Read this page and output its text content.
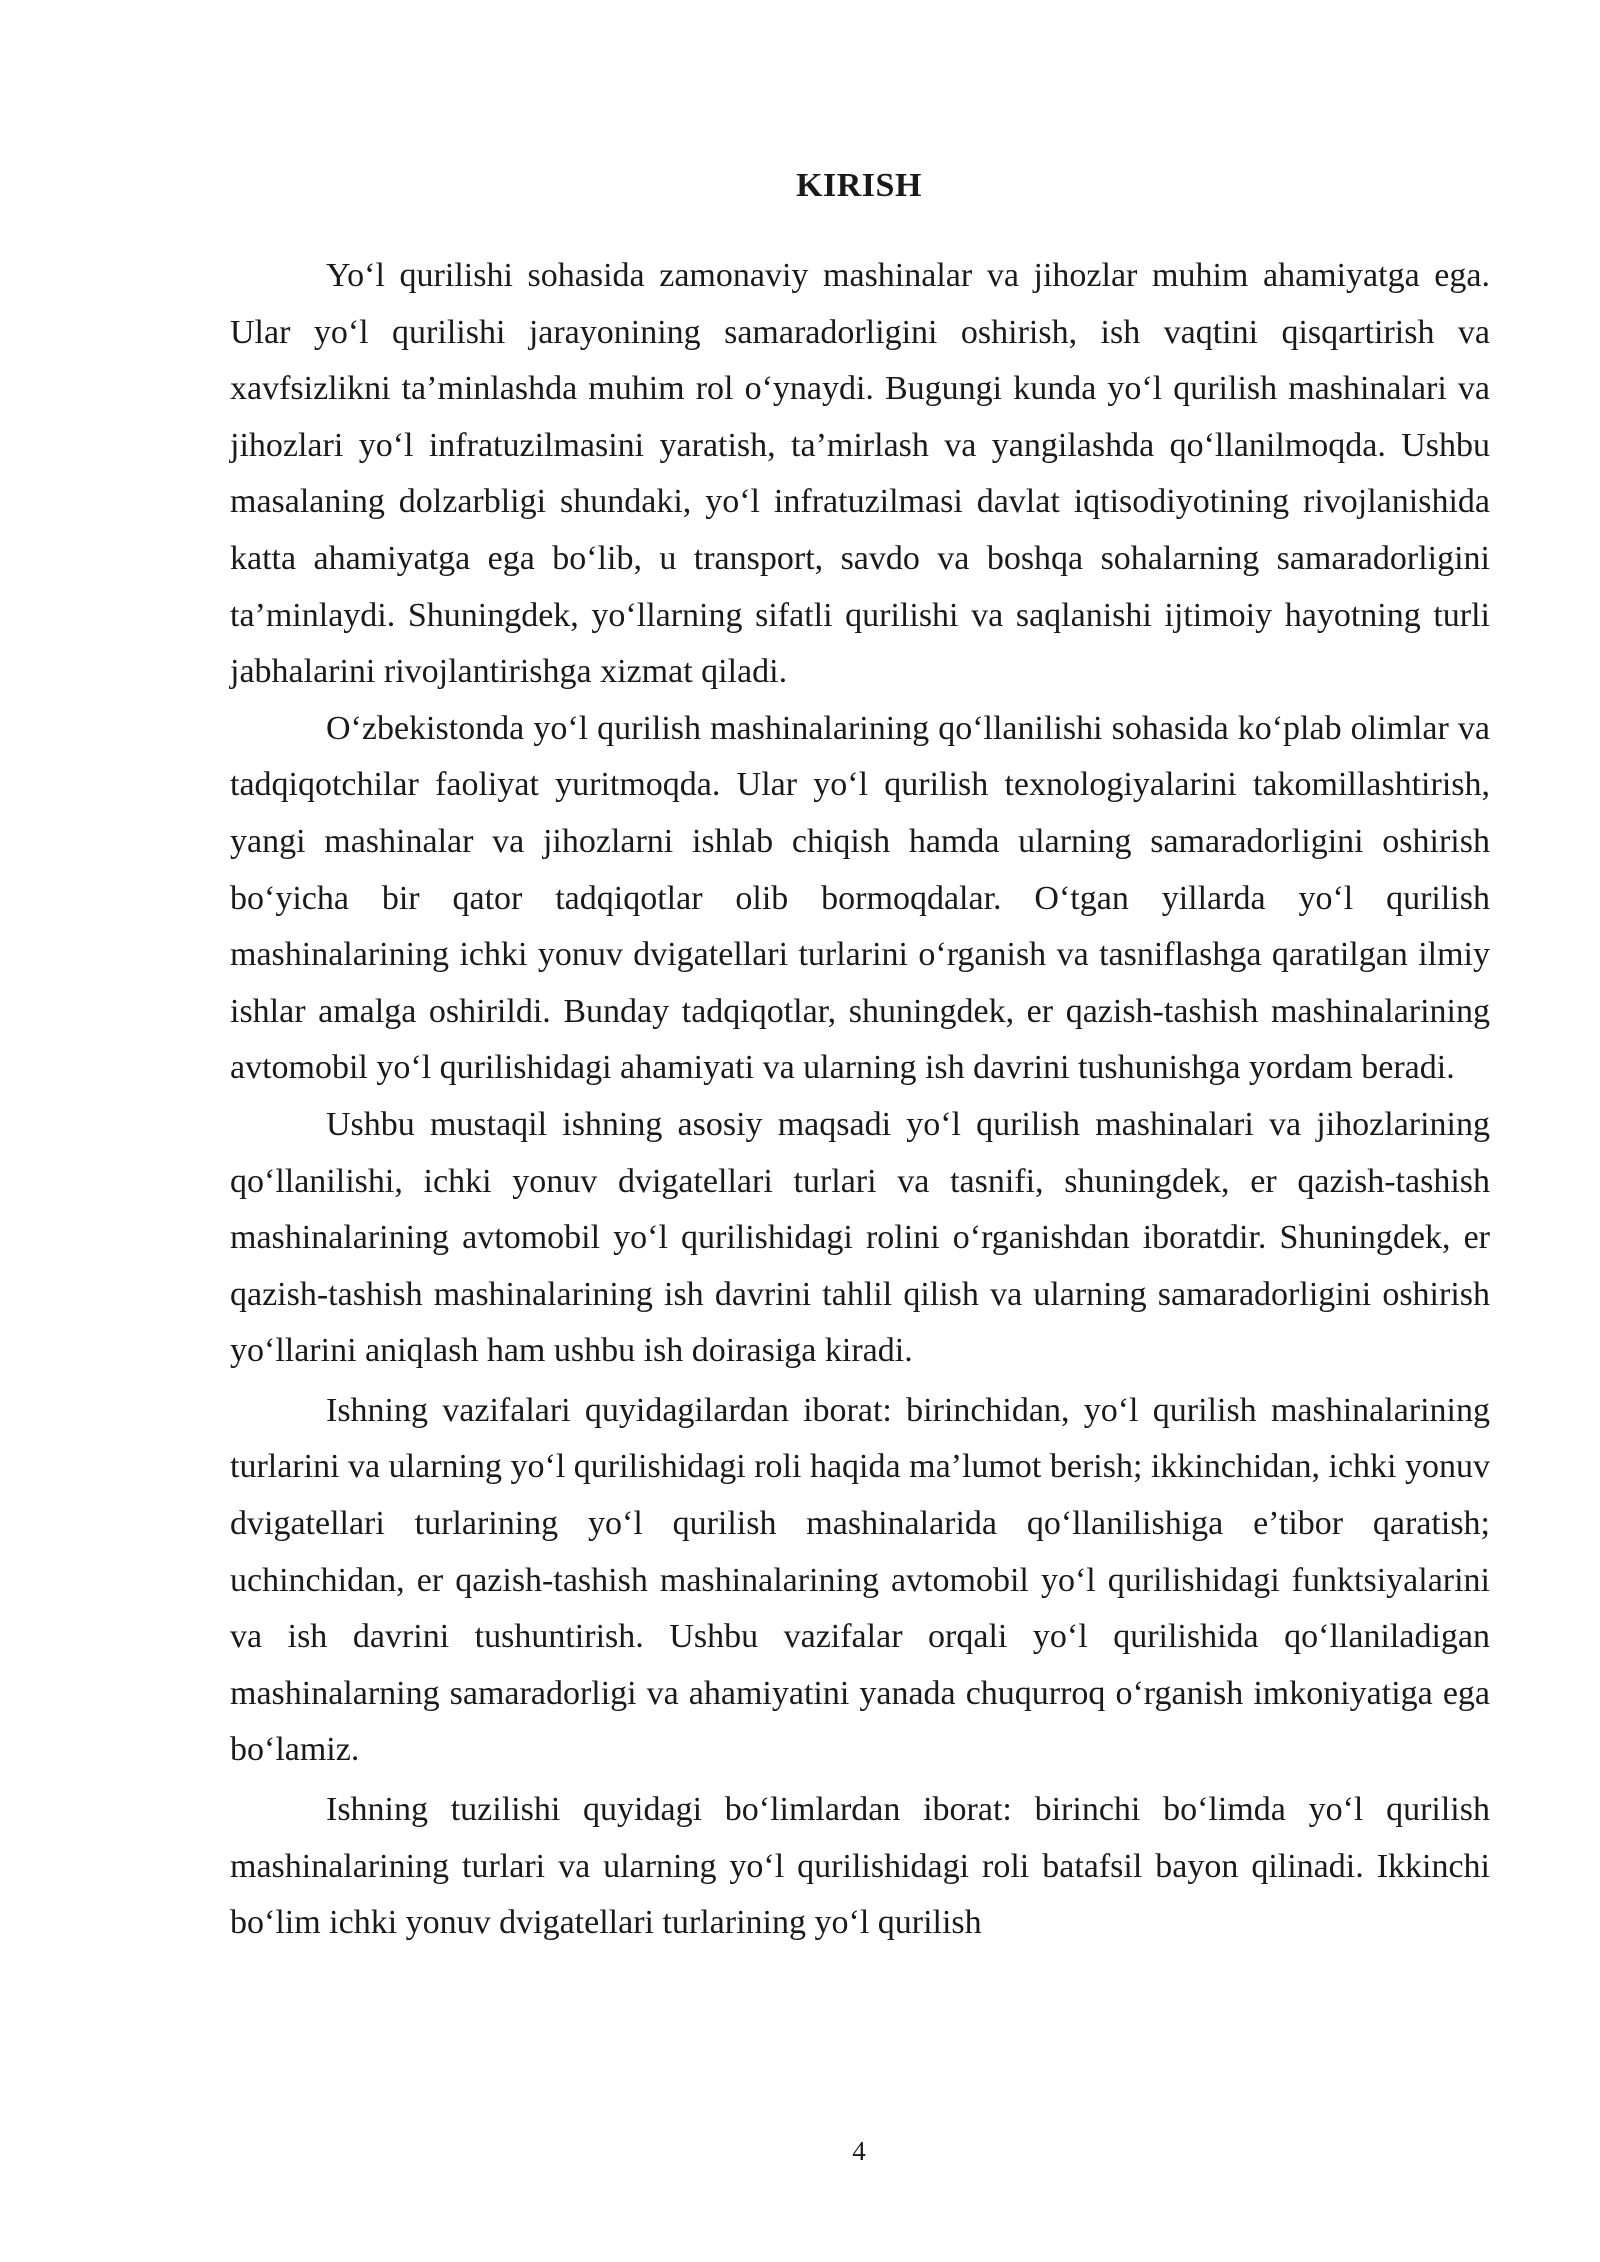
KIRISH

Yo‘l qurilishi sohasida zamonaviy mashinalar va jihozlar muhim ahamiyatga ega. Ular yo‘l qurilishi jarayonining samaradorligini oshirish, ish vaqtini qisqartirish va xavfsizlikni ta’minlashda muhim rol o‘ynaydi. Bugungi kunda yo‘l qurilish mashinalari va jihozlari yo‘l infratuzilmasini yaratish, ta’mirlash va yangilashda qo‘llanilmoqda. Ushbu masalaning dolzarbligi shundaki, yo‘l infratuzilmasi davlat iqtisodiyotining rivojlanishida katta ahamiyatga ega bo‘lib, u transport, savdo va boshqa sohalarning samaradorligini ta’minlaydi. Shuningdek, yo‘llarning sifatli qurilishi va saqlanishi ijtimoiy hayotning turli jabhalarini rivojlantirishga xizmat qiladi.

O‘zbekistonda yo‘l qurilish mashinalarining qo‘llanilishi sohasida ko‘plab olimlar va tadqiqotchilar faoliyat yuritmoqda. Ular yo‘l qurilish texnologiyalarini takomillashtirish, yangi mashinalar va jihozlarni ishlab chiqish hamda ularning samaradorligini oshirish bo‘yicha bir qator tadqiqotlar olib bormoqdalar. O‘tgan yillarda yo‘l qurilish mashinalarining ichki yonuv dvigatellari turlarini o‘rganish va tasniflashga qaratilgan ilmiy ishlar amalga oshirildi. Bunday tadqiqotlar, shuningdek, er qazish-tashish mashinalarining avtomobil yo‘l qurilishidagi ahamiyati va ularning ish davrini tushunishga yordam beradi.

Ushbu mustaqil ishning asosiy maqsadi yo‘l qurilish mashinalari va jihozlarining qo‘llanilishi, ichki yonuv dvigatellari turlari va tasnifi, shuningdek, er qazish-tashish mashinalarining avtomobil yo‘l qurilishidagi rolini o‘rganishdan iboratdir. Shuningdek, er qazish-tashish mashinalarining ish davrini tahlil qilish va ularning samaradorligini oshirish yo‘llarini aniqlash ham ushbu ish doirasiga kiradi.

Ishning vazifalari quyidagilardan iborat: birinchidan, yo‘l qurilish mashinalarining turlarini va ularning yo‘l qurilishidagi roli haqida ma’lumot berish; ikkinchidan, ichki yonuv dvigatellari turlarining yo‘l qurilish mashinalarida qo‘llanilishiga e’tibor qaratish; uchinchidan, er qazish-tashish mashinalarining avtomobil yo‘l qurilishidagi funktsiyalarini va ish davrini tushuntirish. Ushbu vazifalar orqali yo‘l qurilishida qo‘llaniladigan mashinalarning samaradorligi va ahamiyatini yanada chuqurroq o‘rganish imkoniyatiga ega bo‘lamiz.

Ishning tuzilishi quyidagi bo‘limlardan iborat: birinchi bo‘limda yo‘l qurilish mashinalarining turlari va ularning yo‘l qurilishidagi roli batafsil bayon qilinadi. Ikkinchi bo‘lim ichki yonuv dvigatellari turlarining yo‘l qurilish

4
